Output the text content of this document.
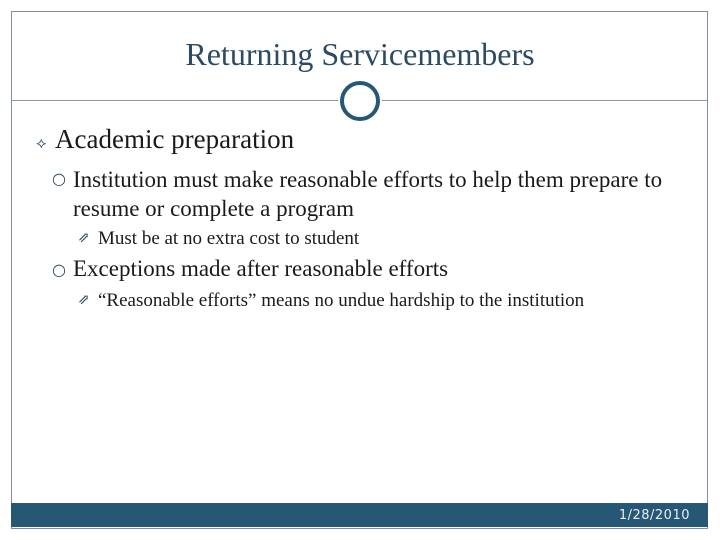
Returning Servicemembers
⟡ Academic preparation
○ Institution must make reasonable efforts to help them prepare to resume or complete a program
⇗ Must be at no extra cost to student
○ Exceptions made after reasonable efforts
⇗ “Reasonable efforts” means no undue hardship to the institution
1/28/2010
